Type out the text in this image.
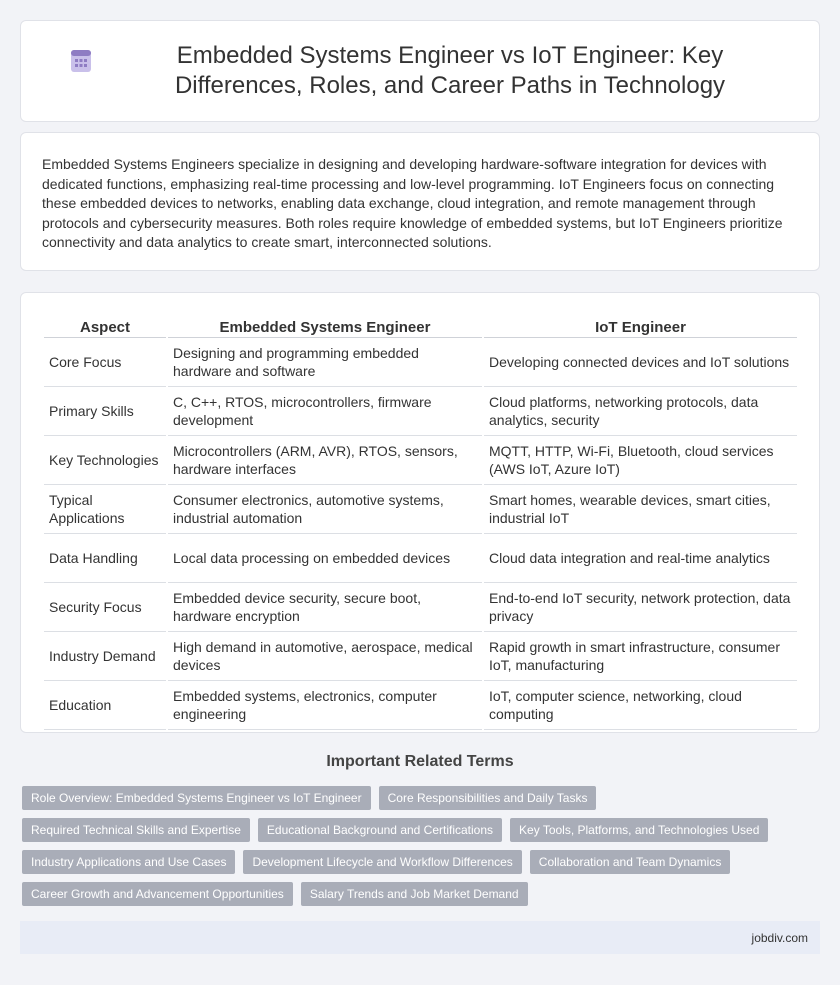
Embedded Systems Engineer vs IoT Engineer: Key Differences, Roles, and Career Paths in Technology

Embedded Systems Engineers specialize in designing and developing hardware-software integration for devices with dedicated functions, emphasizing real-time processing and low-level programming. IoT Engineers focus on connecting these embedded devices to networks, enabling data exchange, cloud integration, and remote management through protocols and cybersecurity measures. Both roles require knowledge of embedded systems, but IoT Engineers prioritize connectivity and data analytics to create smart, interconnected solutions.

Aspect	Embedded Systems Engineer	IoT Engineer
Core Focus	Designing and programming embedded hardware and software	Developing connected devices and IoT solutions
Primary Skills	C, C++, RTOS, microcontrollers, firmware development	Cloud platforms, networking protocols, data analytics, security
Key Technologies	Microcontrollers (ARM, AVR), RTOS, sensors, hardware interfaces	MQTT, HTTP, Wi-Fi, Bluetooth, cloud services (AWS IoT, Azure IoT)
Typical Applications	Consumer electronics, automotive systems, industrial automation	Smart homes, wearable devices, smart cities, industrial IoT
Data Handling	Local data processing on embedded devices	Cloud data integration and real-time analytics
Security Focus	Embedded device security, secure boot, hardware encryption	End-to-end IoT security, network protection, data privacy
Industry Demand	High demand in automotive, aerospace, medical devices	Rapid growth in smart infrastructure, consumer IoT, manufacturing
Education	Embedded systems, electronics, computer engineering	IoT, computer science, networking, cloud computing
Important Related Terms
Role Overview: Embedded Systems Engineer vs IoT Engineer	Core Responsibilities and Daily Tasks
Required Technical Skills and Expertise	Educational Background and Certifications	Key Tools, Platforms, and Technologies Used
Industry Applications and Use Cases	Development Lifecycle and Workflow Differences	Collaboration and Team Dynamics
Career Growth and Advancement Opportunities	Salary Trends and Job Market Demand
jobdiv.com
